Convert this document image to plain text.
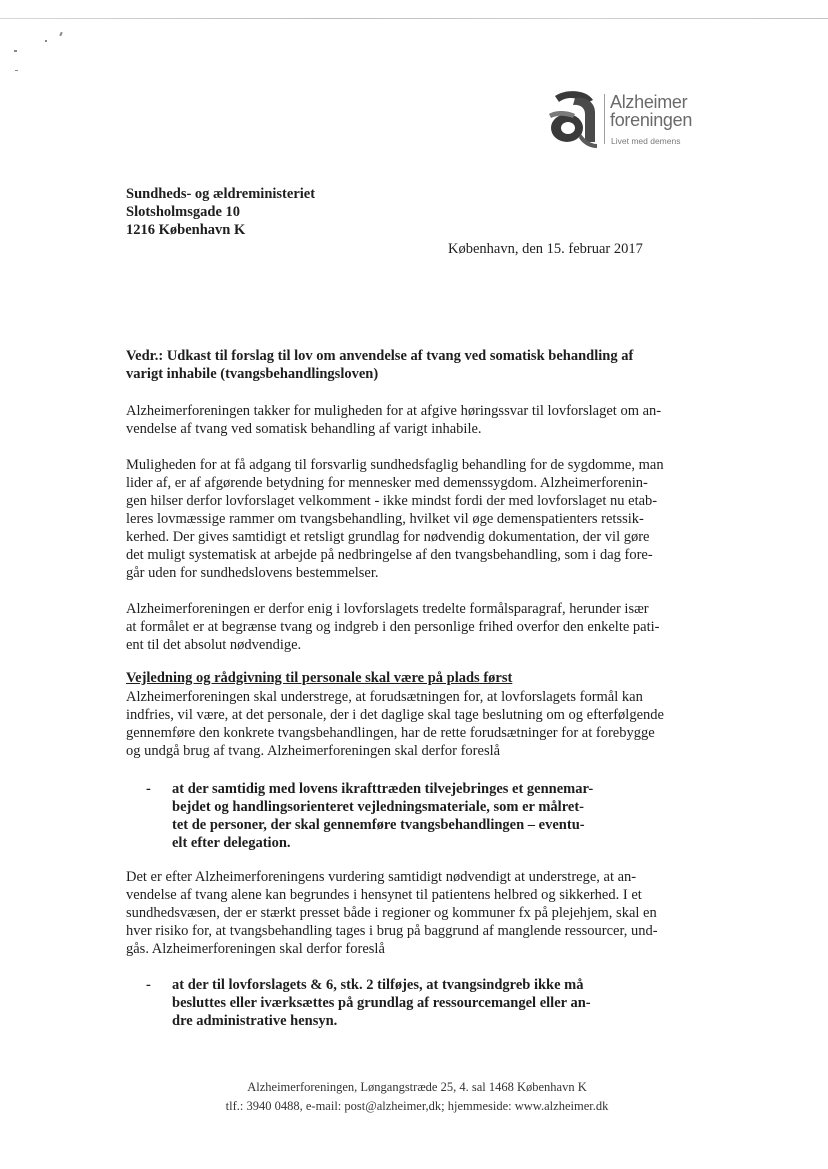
Alzheimer
foreningen
Livet med demens
Sundheds- og ældreministeriet
Slotsholmsgade 10
1216 København K
København, den 15. februar 2017
Vedr.: Udkast til forslag til lov om anvendelse af tvang ved somatisk behandling af
varigt inhabile (tvangsbehandlingsloven)
Alzheimerforeningen takker for muligheden for at afgive høringssvar til lovforslaget om an-
vendelse af tvang ved somatisk behandling af varigt inhabile.
Muligheden for at få adgang til forsvarlig sundhedsfaglig behandling for de sygdomme, man
lider af, er af afgørende betydning for mennesker med demenssygdom. Alzheimerforenin-
gen hilser derfor lovforslaget velkomment - ikke mindst fordi der med lovforslaget nu etab-
leres lovmæssige rammer om tvangsbehandling, hvilket vil øge demenspatienters retssik-
kerhed. Der gives samtidigt et retsligt grundlag for nødvendig dokumentation, der vil gøre
det muligt systematisk at arbejde på nedbringelse af den tvangsbehandling, som i dag fore-
går uden for sundhedslovens bestemmelser.
Alzheimerforeningen er derfor enig i lovforslagets tredelte formålsparagraf, herunder især
at formålet er at begrænse tvang og indgreb i den personlige frihed overfor den enkelte pati-
ent til det absolut nødvendige.
Vejledning og rådgivning til personale skal være på plads først
Alzheimerforeningen skal understrege, at forudsætningen for, at lovforslagets formål kan
indfries, vil være, at det personale, der i det daglige skal tage beslutning om og efterfølgende
gennemføre den konkrete tvangsbehandlingen, har de rette forudsætninger for at forebygge
og undgå brug af tvang. Alzheimerforeningen skal derfor foreslå
- at der samtidig med lovens ikrafttræden tilvejebringes et gennemar-
bejdet og handlingsorienteret vejledningsmateriale, som er målret-
tet de personer, der skal gennemføre tvangsbehandlingen – eventu-
elt efter delegation.
Det er efter Alzheimerforeningens vurdering samtidigt nødvendigt at understrege, at an-
vendelse af tvang alene kan begrundes i hensynet til patientens helbred og sikkerhed. I et
sundhedsvæsen, der er stærkt presset både i regioner og kommuner fx på plejehjem, skal en
hver risiko for, at tvangsbehandling tages i brug på baggrund af manglende ressourcer, und-
gås. Alzheimerforeningen skal derfor foreslå
- at der til lovforslagets & 6, stk. 2 tilføjes, at tvangsindgreb ikke må
besluttes eller iværksættes på grundlag af ressourcemangel eller an-
dre administrative hensyn.
Alzheimerforeningen, Løngangstræde 25, 4. sal 1468 København K
tlf.: 3940 0488, e-mail: post@alzheimer,dk; hjemmeside: www.alzheimer.dk
